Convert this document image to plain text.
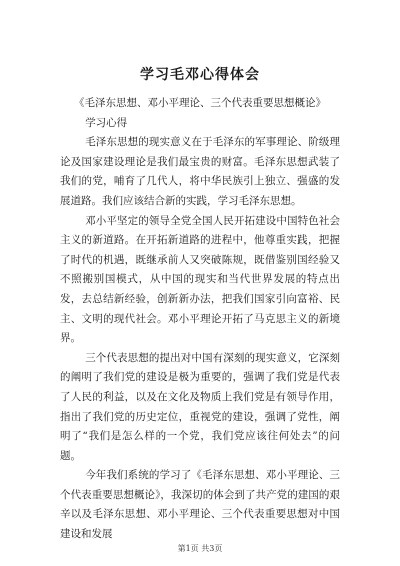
学习毛邓心得体会

《毛泽东思想、邓小平理论、三个代表重要思想概论》

学习心得

毛泽东思想的现实意义在于毛泽东的军事理论、阶级理论及国家建设理论是我们最宝贵的财富。毛泽东思想武装了我们的党，哺育了几代人，将中华民族引上独立、强盛的发展道路。我们应该结合新的实践，学习毛泽东思想。

邓小平坚定的领导全党全国人民开拓建设中国特色社会主义的新道路。在开拓新道路的进程中，他尊重实践，把握了时代的机遇，既继承前人又突破陈规，既借鉴别国经验又不照搬别国模式，从中国的现实和当代世界发展的特点出发，去总结新经验，创新新办法，把我们国家引向富裕、民主、文明的现代社会。邓小平理论开拓了马克思主义的新境界。

三个代表思想的提出对中国有深刻的现实意义，它深刻的阐明了我们党的建设是极为重要的，强调了我们党是代表了人民的利益，以及在文化及物质上我们党是有领导作用，指出了我们党的历史定位，重视党的建设，强调了党性，阐明了“我们是怎么样的一个党，我们党应该往何处去”的问题。

今年我们系统的学习了《毛泽东思想、邓小平理论、三个代表重要思想概论》，我深切的体会到了共产党的建国的艰辛以及毛泽东思想、邓小平理论、三个代表重要思想对中国建设和发展

第1页 共3页
